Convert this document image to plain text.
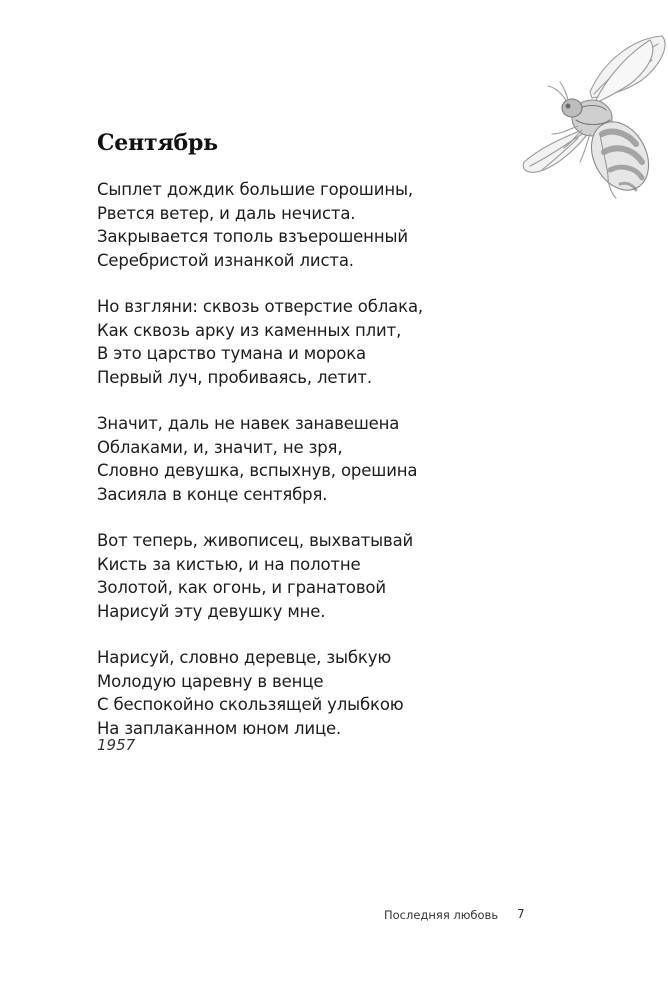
Сентябрь
Сыплет дождик большие горошины,
Рвется ветер, и даль нечиста.
Закрывается тополь взъерошенный
Серебристой изнанкой листа.
Но взгляни: сквозь отверстие облака,
Как сквозь арку из каменных плит,
В это царство тумана и морока
Первый луч, пробиваясь, летит.
Значит, даль не навек занавешена
Облаками, и, значит, не зря,
Словно девушка, вспыхнув, орешина
Засияла в конце сентября.
Вот теперь, живописец, выхватывай
Кисть за кистью, и на полотне
Золотой, как огонь, и гранатовой
Нарисуй эту девушку мне.
Нарисуй, словно деревце, зыбкую
Молодую царевну в венце
С беспокойно скользящей улыбкою
На заплаканном юном лице.
1957
Последняя любовь 7
